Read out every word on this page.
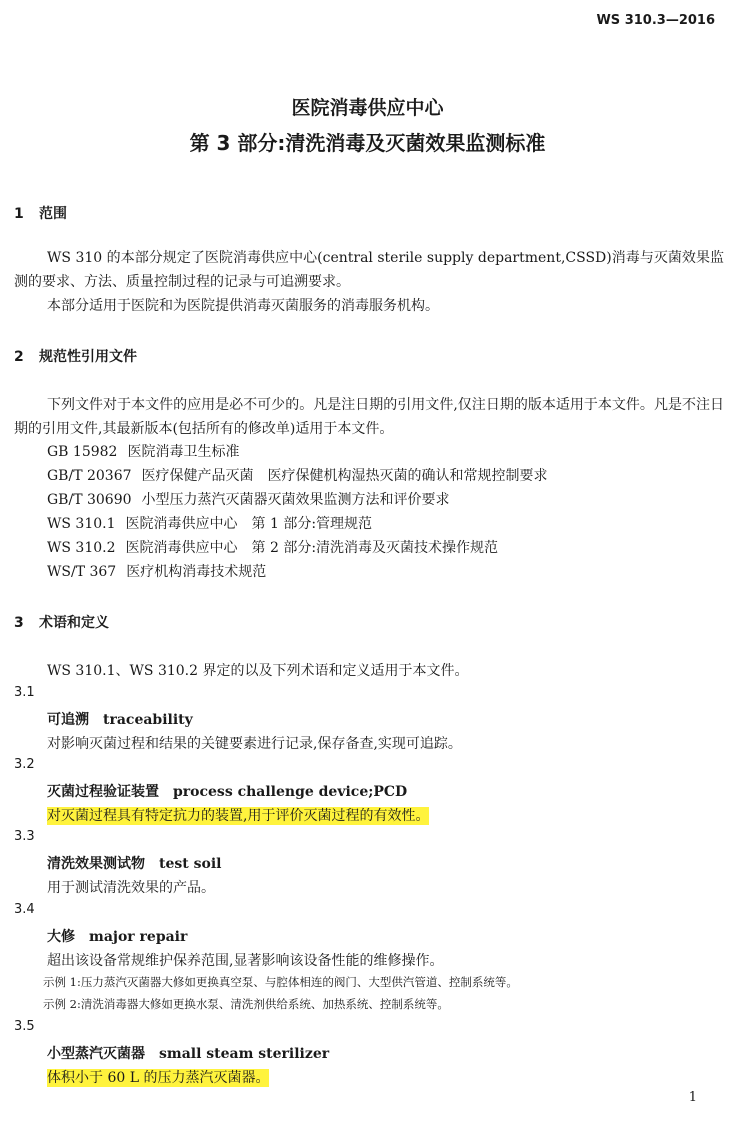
WS 310.3—2016
医院消毒供应中心
第 3 部分:清洗消毒及灭菌效果监测标准
1 范围
WS 310 的本部分规定了医院消毒供应中心(central sterile supply department,CSSD)消毒与灭菌效果监测的要求、方法、质量控制过程的记录与可追溯要求。
本部分适用于医院和为医院提供消毒灭菌服务的消毒服务机构。
2 规范性引用文件
下列文件对于本文件的应用是必不可少的。凡是注日期的引用文件,仅注日期的版本适用于本文件。凡是不注日期的引用文件,其最新版本(包括所有的修改单)适用于本文件。
GB 15982 医院消毒卫生标准
GB/T 20367 医疗保健产品灭菌　医疗保健机构湿热灭菌的确认和常规控制要求
GB/T 30690 小型压力蒸汽灭菌器灭菌效果监测方法和评价要求
WS 310.1 医院消毒供应中心　第 1 部分:管理规范
WS 310.2 医院消毒供应中心　第 2 部分:清洗消毒及灭菌技术操作规范
WS/T 367 医疗机构消毒技术规范
3 术语和定义
WS 310.1、WS 310.2 界定的以及下列术语和定义适用于本文件。
3.1
可追溯 traceability
对影响灭菌过程和结果的关键要素进行记录,保存备查,实现可追踪。
3.2
灭菌过程验证装置 process challenge device;PCD
对灭菌过程具有特定抗力的装置,用于评价灭菌过程的有效性。
3.3
清洗效果测试物 test soil
用于测试清洗效果的产品。
3.4
大修 major repair
超出该设备常规维护保养范围,显著影响该设备性能的维修操作。
示例 1:压力蒸汽灭菌器大修如更换真空泵、与腔体相连的阀门、大型供汽管道、控制系统等。
示例 2:清洗消毒器大修如更换水泵、清洗剂供给系统、加热系统、控制系统等。
3.5
小型蒸汽灭菌器 small steam sterilizer
体积小于 60 L 的压力蒸汽灭菌器。
1
